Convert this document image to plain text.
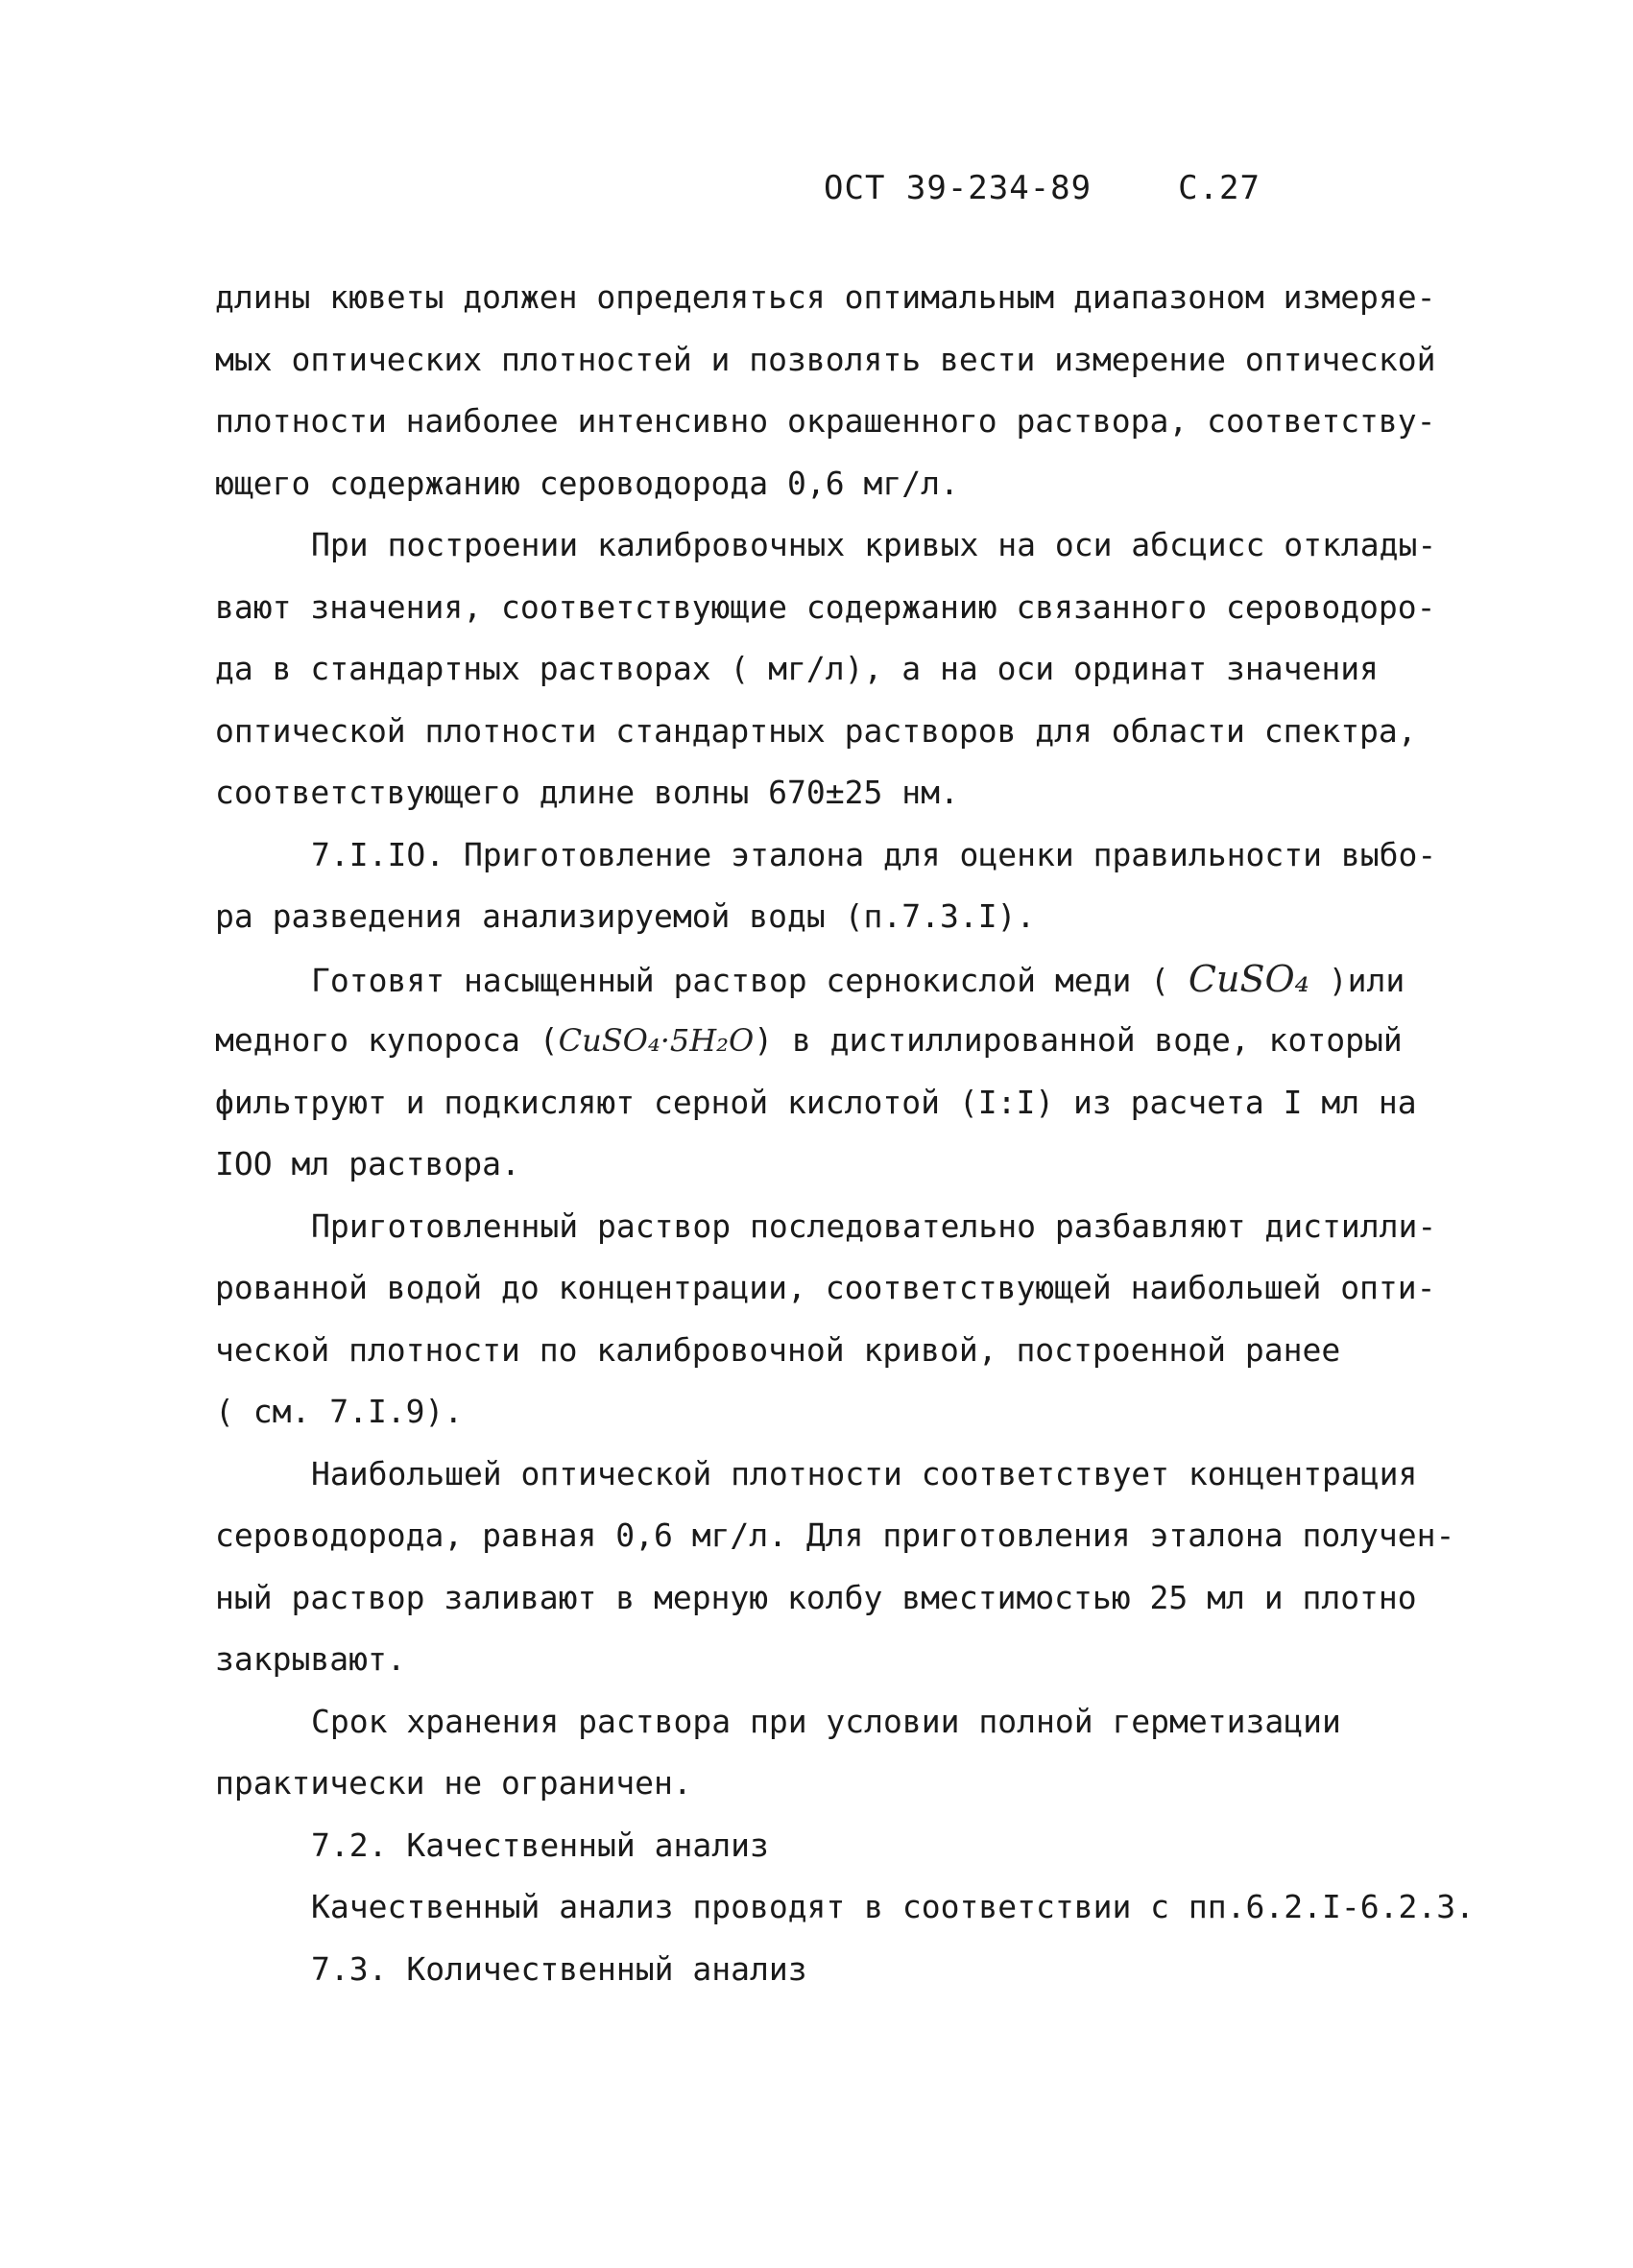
ОСТ 39-234-89	С.27
длины кюветы должен определяться оптимальным диапазоном измеряе-
мых оптических плотностей и позволять вести измерение оптической
плотности наиболее интенсивно окрашенного раствора, соответству-
ющего содержанию сероводорода 0,6 мг/л.
При построении калибровочных кривых на оси абсцисс отклады-
вают значения, соответствующие содержанию связанного сероводоро-
да в стандартных растворах ( мг/л), а на оси ординат значения
оптической плотности стандартных растворов для области спектра,
соответствующего длине волны 670±25 нм.
7.I.IO. Приготовление эталона для оценки правильности выбо-
ра разведения анализируемой воды (п.7.3.I).
Готовят насыщенный раствор сернокислой меди ( CuSO₄ )или
медного купороса (CuSO₄·5H₂O) в дистиллированной воде, который
фильтруют и подкисляют серной кислотой (I:I) из расчета I мл на
IOO мл раствора.
Приготовленный раствор последовательно разбавляют дистилли-
рованной водой до концентрации, соответствующей наибольшей опти-
ческой плотности по калибровочной кривой, построенной ранее
( см. 7.I.9).
Наибольшей оптической плотности соответствует концентрация
сероводорода, равная 0,6 мг/л. Для приготовления эталона получен-
ный раствор заливают в мерную колбу вместимостью 25 мл и плотно
закрывают.
Срок хранения раствора при условии полной герметизации
практически не ограничен.
7.2. Качественный анализ
Качественный анализ проводят в соответствии с пп.6.2.I-6.2.3.
7.3. Количественный анализ
